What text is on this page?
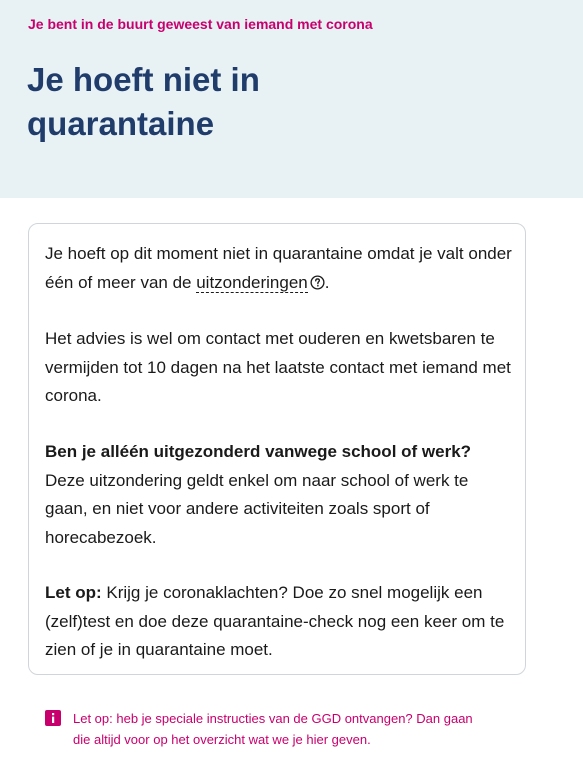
Je bent in de buurt geweest van iemand met corona
Je hoeft niet in quarantaine

Je hoeft op dit moment niet in quarantaine omdat je valt onder één of meer van de uitzonderingen .

Het advies is wel om contact met ouderen en kwetsbaren te vermijden tot 10 dagen na het laatste contact met iemand met corona.

Ben je alléén uitgezonderd vanwege school of werk? Deze uitzondering geldt enkel om naar school of werk te gaan, en niet voor andere activiteiten zoals sport of horecabezoek.

Let op: Krijg je coronaklachten? Doe zo snel mogelijk een (zelf)test en doe deze quarantaine-check nog een keer om te zien of je in quarantaine moet.

Let op: heb je speciale instructies van de GGD ontvangen? Dan gaan die altijd voor op het overzicht wat we je hier geven.
